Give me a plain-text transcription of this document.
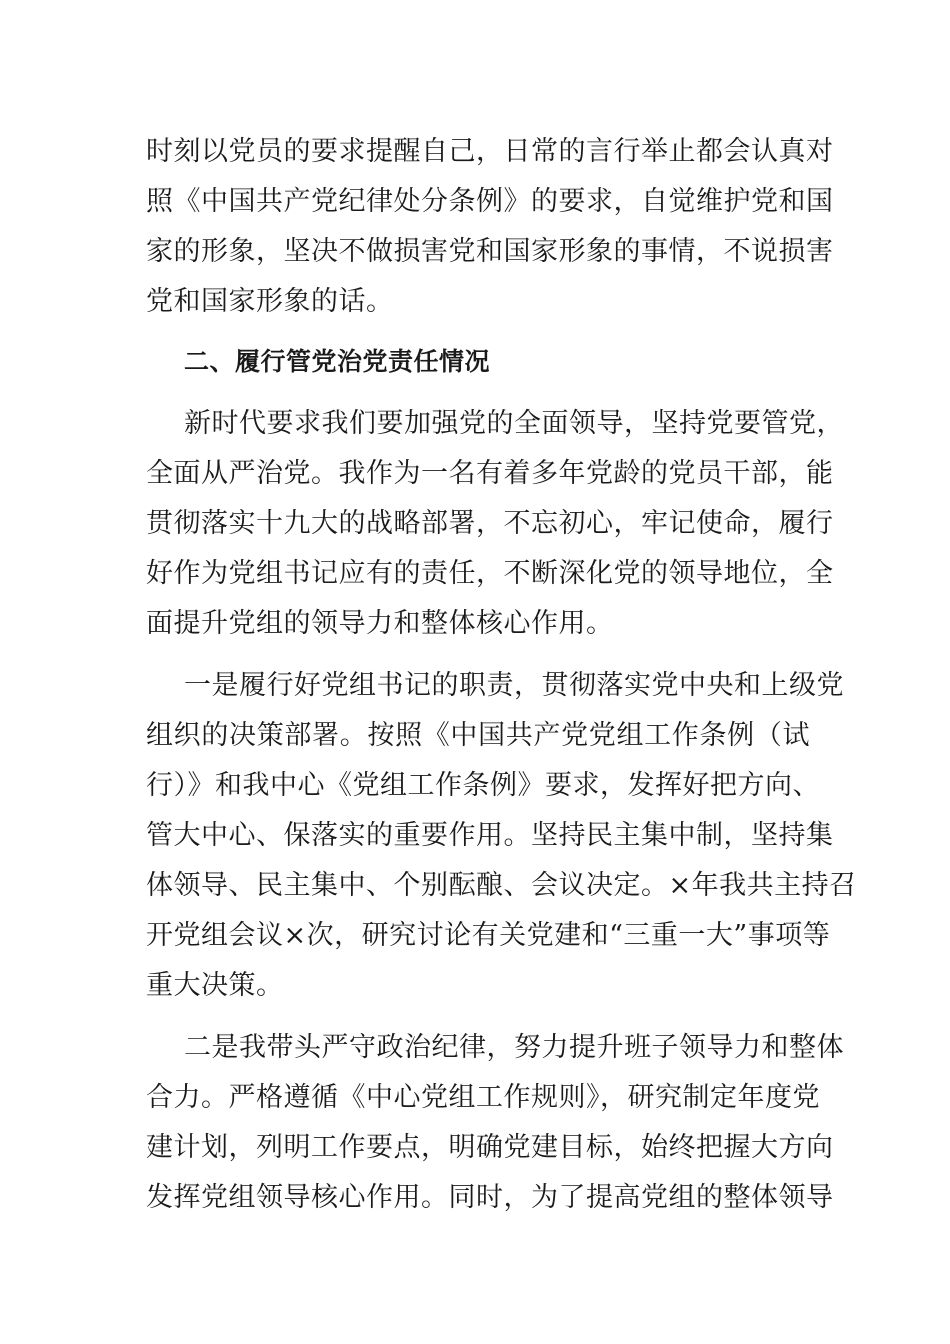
时刻以党员的要求提醒自己，日常的言行举止都会认真对
照《中国共产党纪律处分条例》的要求，自觉维护党和国
家的形象，坚决不做损害党和国家形象的事情，不说损害
党和国家形象的话。
二、履行管党治党责任情况
新时代要求我们要加强党的全面领导，坚持党要管党，
全面从严治党。我作为一名有着多年党龄的党员干部，能
贯彻落实十九大的战略部署，不忘初心，牢记使命，履行
好作为党组书记应有的责任，不断深化党的领导地位，全
面提升党组的领导力和整体核心作用。
一是履行好党组书记的职责，贯彻落实党中央和上级党
组织的决策部署。按照《中国共产党党组工作条例（试
行）》和我中心《党组工作条例》要求，发挥好把方向、
管大中心、保落实的重要作用。坚持民主集中制，坚持集
体领导、民主集中、个别酝酿、会议决定。×年我共主持召
开党组会议×次，研究讨论有关党建和“三重一大”事项等
重大决策。
二是我带头严守政治纪律，努力提升班子领导力和整体
合力。严格遵循《中心党组工作规则》，研究制定年度党
建计划，列明工作要点，明确党建目标，始终把握大方向
发挥党组领导核心作用。同时，为了提高党组的整体领导
